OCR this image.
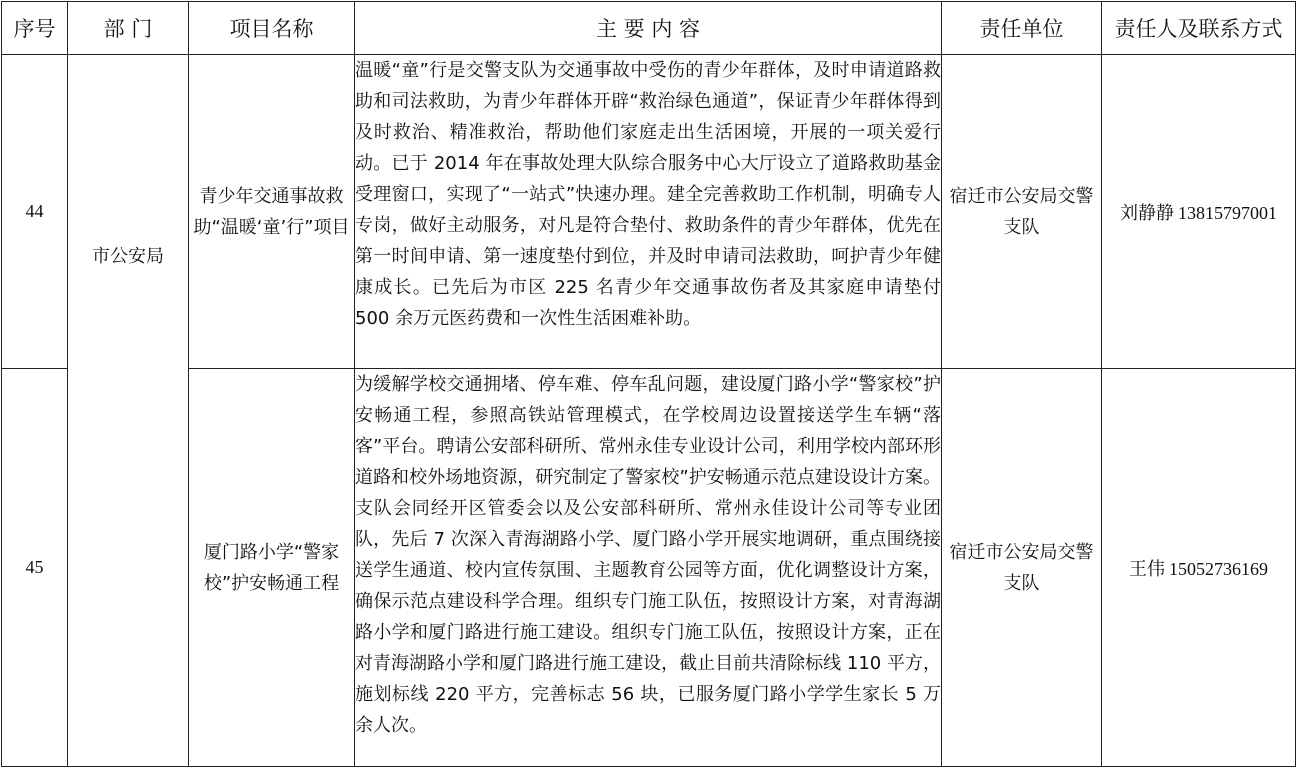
序号	部 门	项目名称	主 要 内 容	责任单位	责任人及联系方式
44	市公安局	青少年交通事故救助“温暖‘童’行”项目	温暖“童”行是交警支队为交通事故中受伤的青少年群体，及时申请道路救助和司法救助，为青少年群体开辟“救治绿色通道”，保证青少年群体得到及时救治、精准救治，帮助他们家庭走出生活困境，开展的一项关爱行动。已于 2014 年在事故处理大队综合服务中心大厅设立了道路救助基金受理窗口，实现了“一站式”快速办理。建全完善救助工作机制，明确专人专岗，做好主动服务，对凡是符合垫付、救助条件的青少年群体，优先在第一时间申请、第一速度垫付到位，并及时申请司法救助，呵护青少年健康成长。已先后为市区 225 名青少年交通事故伤者及其家庭申请垫付 500 余万元医药费和一次性生活困难补助。	宿迁市公安局交警支队	刘静静 13815797001
45		厦门路小学“警家校”护安畅通工程	为缓解学校交通拥堵、停车难、停车乱问题，建设厦门路小学“警家校”护安畅通工程，参照高铁站管理模式，在学校周边设置接送学生车辆“落客”平台。聘请公安部科研所、常州永佳专业设计公司，利用学校内部环形道路和校外场地资源，研究制定了警家校”护安畅通示范点建设设计方案。支队会同经开区管委会以及公安部科研所、常州永佳设计公司等专业团队，先后 7 次深入青海湖路小学、厦门路小学开展实地调研，重点围绕接送学生通道、校内宣传氛围、主题教育公园等方面，优化调整设计方案，确保示范点建设科学合理。组织专门施工队伍，按照设计方案，对青海湖路小学和厦门路进行施工建设。组织专门施工队伍，按照设计方案，正在对青海湖路小学和厦门路进行施工建设，截止目前共清除标线 110 平方，施划标线 220 平方，完善标志 56 块，已服务厦门路小学学生家长 5 万余人次。	宿迁市公安局交警支队	王伟 15052736169
